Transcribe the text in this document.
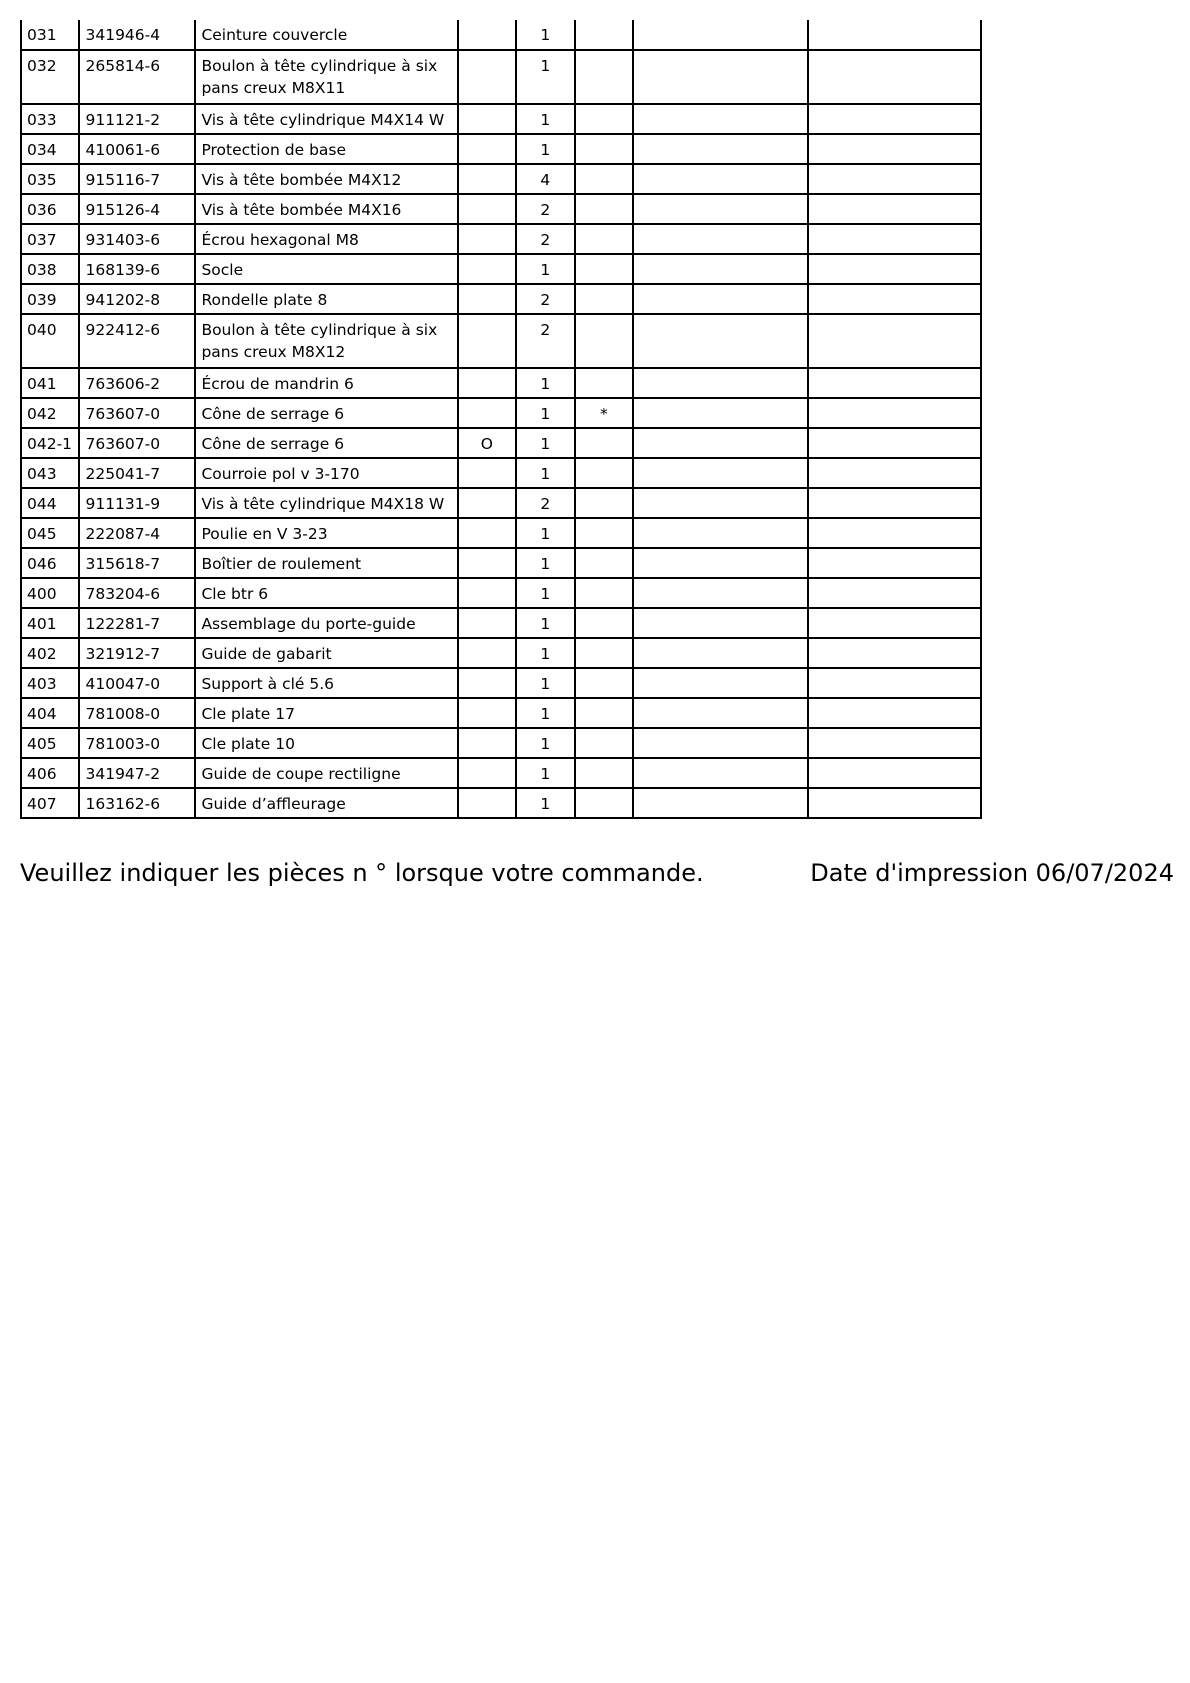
031	341946-4	Ceinture couvercle		1			

032	265814-6	Boulon à tête cylindrique à six pans creux M8X11		1			

033	911121-2	Vis à tête cylindrique M4X14 W		1			

034	410061-6	Protection de base		1			

035	915116-7	Vis à tête bombée M4X12		4			

036	915126-4	Vis à tête bombée M4X16		2			

037	931403-6	Écrou hexagonal M8		2			

038	168139-6	Socle		1			

039	941202-8	Rondelle plate 8		2			

040	922412-6	Boulon à tête cylindrique à six pans creux M8X12		2			

041	763606-2	Écrou de mandrin 6		1			

042	763607-0	Cône de serrage 6		1	*		

042-1	763607-0	Cône de serrage 6	O	1			

043	225041-7	Courroie pol v 3-170		1			

044	911131-9	Vis à tête cylindrique M4X18 W		2			

045	222087-4	Poulie en V 3-23		1			

046	315618-7	Boîtier de roulement		1			

400	783204-6	Cle btr 6		1			

401	122281-7	Assemblage du porte-guide		1			

402	321912-7	Guide de gabarit		1			

403	410047-0	Support à clé 5.6		1			

404	781008-0	Cle plate 17		1			

405	781003-0	Cle plate 10		1			

406	341947-2	Guide de coupe rectiligne		1			

407	163162-6	Guide d’affleurage		1			

Veuillez indiquer les pièces n ° lorsque votre commande.	Date d'impression 06/07/2024
